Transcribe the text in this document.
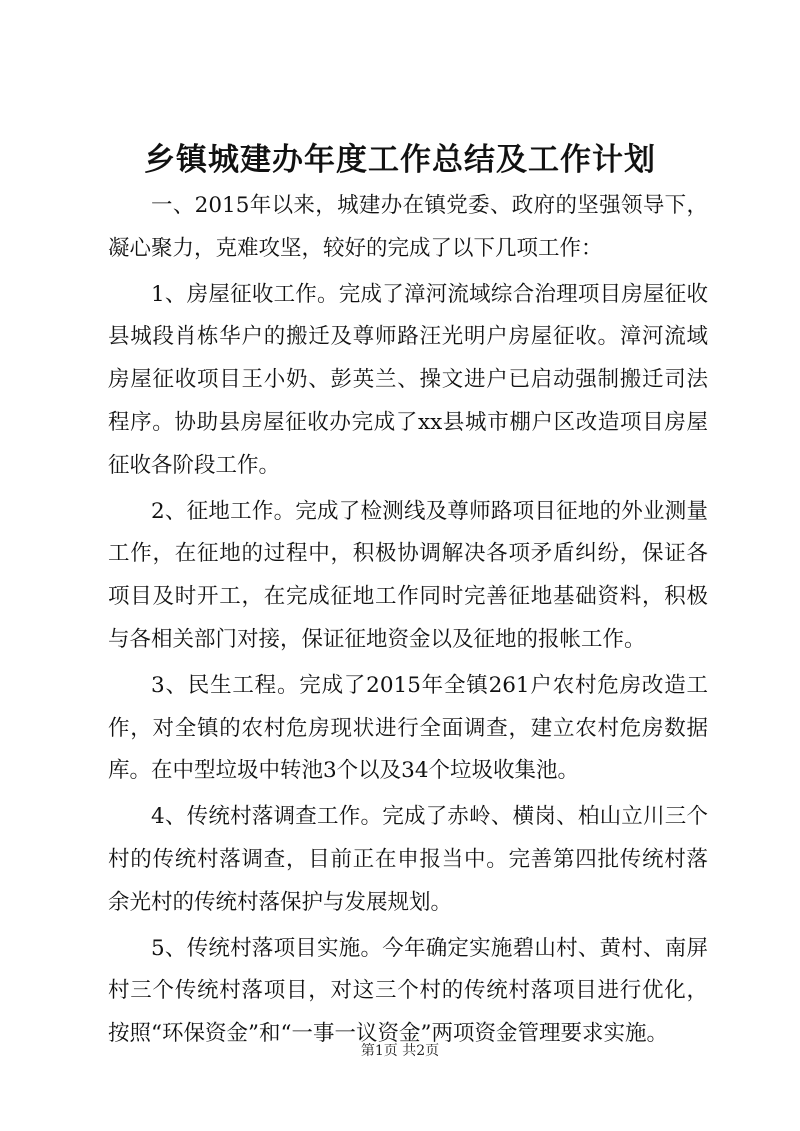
乡镇城建办年度工作总结及工作计划

一、2015年以来，城建办在镇党委、政府的坚强领导下，凝心聚力，克难攻坚，较好的完成了以下几项工作：

1、房屋征收工作。完成了漳河流域综合治理项目房屋征收县城段肖栋华户的搬迁及尊师路汪光明户房屋征收。漳河流域房屋征收项目王小奶、彭英兰、操文进户已启动强制搬迁司法程序。协助县房屋征收办完成了xx县城市棚户区改造项目房屋征收各阶段工作。

2、征地工作。完成了检测线及尊师路项目征地的外业测量工作，在征地的过程中，积极协调解决各项矛盾纠纷，保证各项目及时开工，在完成征地工作同时完善征地基础资料，积极与各相关部门对接，保证征地资金以及征地的报帐工作。

3、民生工程。完成了2015年全镇261户农村危房改造工作，对全镇的农村危房现状进行全面调查，建立农村危房数据库。在中型垃圾中转池3个以及34个垃圾收集池。

4、传统村落调查工作。完成了赤岭、横岗、柏山立川三个村的传统村落调查，目前正在申报当中。完善第四批传统村落余光村的传统村落保护与发展规划。

5、传统村落项目实施。今年确定实施碧山村、黄村、南屏村三个传统村落项目，对这三个村的传统村落项目进行优化，按照“环保资金”和“一事一议资金”两项资金管理要求实施。

第1页 共2页
